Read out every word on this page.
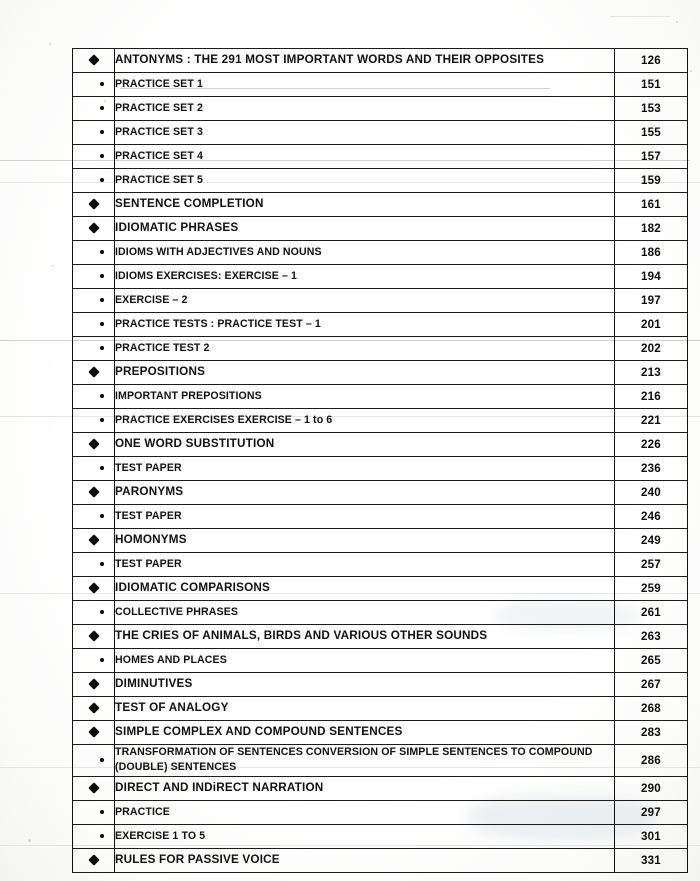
	ANTONYMS : THE 291 MOST IMPORTANT WORDS AND THEIR OPPOSITES	126
	PRACTICE SET 1	151
	PRACTICE SET 2	153
	PRACTICE SET 3	155
	PRACTICE SET 4	157
	PRACTICE SET 5	159
	SENTENCE COMPLETION	161
	IDIOMATIC PHRASES	182
	IDIOMS WITH ADJECTIVES AND NOUNS	186
	IDIOMS EXERCISES: EXERCISE – 1	194
	EXERCISE – 2	197
	PRACTICE TESTS : PRACTICE TEST – 1	201
	PRACTICE TEST 2	202
	PREPOSITIONS	213
	IMPORTANT PREPOSITIONS	216
	PRACTICE EXERCISES EXERCISE – 1 to 6	221
	ONE WORD SUBSTITUTION	226
	TEST PAPER	236
	PARONYMS	240
	TEST PAPER	246
	HOMONYMS	249
	TEST PAPER	257
	IDIOMATIC COMPARISONS	259
	COLLECTIVE PHRASES	261
	THE CRIES OF ANIMALS, BIRDS AND VARIOUS OTHER SOUNDS	263
	HOMES AND PLACES	265
	DIMINUTIVES	267
	TEST OF ANALOGY	268
	SIMPLE COMPLEX AND COMPOUND SENTENCES	283
	TRANSFORMATION OF SENTENCES CONVERSION OF SIMPLE SENTENCES TO COMPOUND (DOUBLE) SENTENCES	286
	DIRECT AND INDiRECT NARRATION	290
	PRACTICE	297
	EXERCISE 1 TO 5	301
	RULES FOR PASSIVE VOICE	331
